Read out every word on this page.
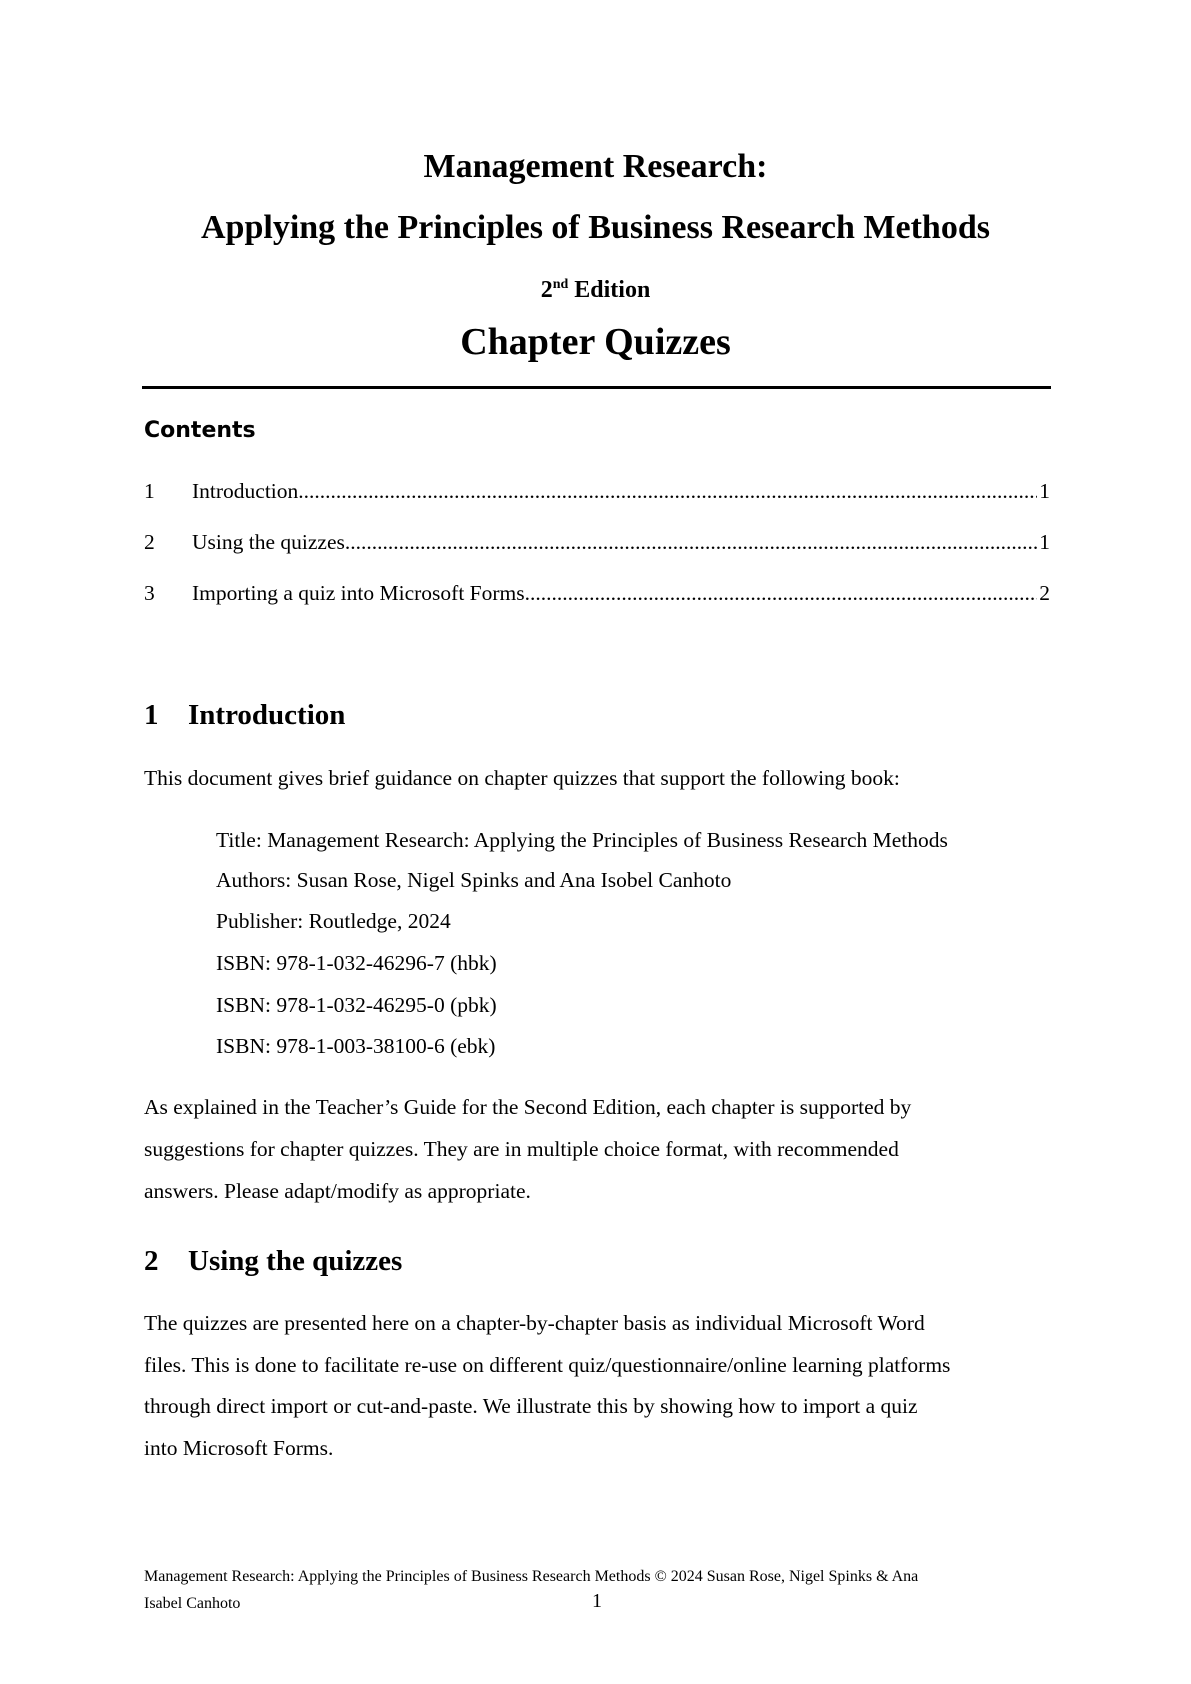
Management Research:
Applying the Principles of Business Research Methods
2nd Edition
Chapter Quizzes
Contents
1	Introduction .....	1
2	Using the quizzes .....	1
3	Importing a quiz into Microsoft Forms .....	2
1 Introduction
This document gives brief guidance on chapter quizzes that support the following book:
Title: Management Research: Applying the Principles of Business Research Methods
Authors: Susan Rose, Nigel Spinks and Ana Isobel Canhoto
Publisher: Routledge, 2024
ISBN: 978-1-032-46296-7 (hbk)
ISBN: 978-1-032-46295-0 (pbk)
ISBN: 978-1-003-38100-6 (ebk)
As explained in the Teacher’s Guide for the Second Edition, each chapter is supported by
suggestions for chapter quizzes. They are in multiple choice format, with recommended
answers. Please adapt/modify as appropriate.
2 Using the quizzes
The quizzes are presented here on a chapter-by-chapter basis as individual Microsoft Word
files. This is done to facilitate re-use on different quiz/questionnaire/online learning platforms
through direct import or cut-and-paste. We illustrate this by showing how to import a quiz
into Microsoft Forms.
Management Research: Applying the Principles of Business Research Methods © 2024 Susan Rose, Nigel Spinks & Ana
Isabel Canhoto	1
